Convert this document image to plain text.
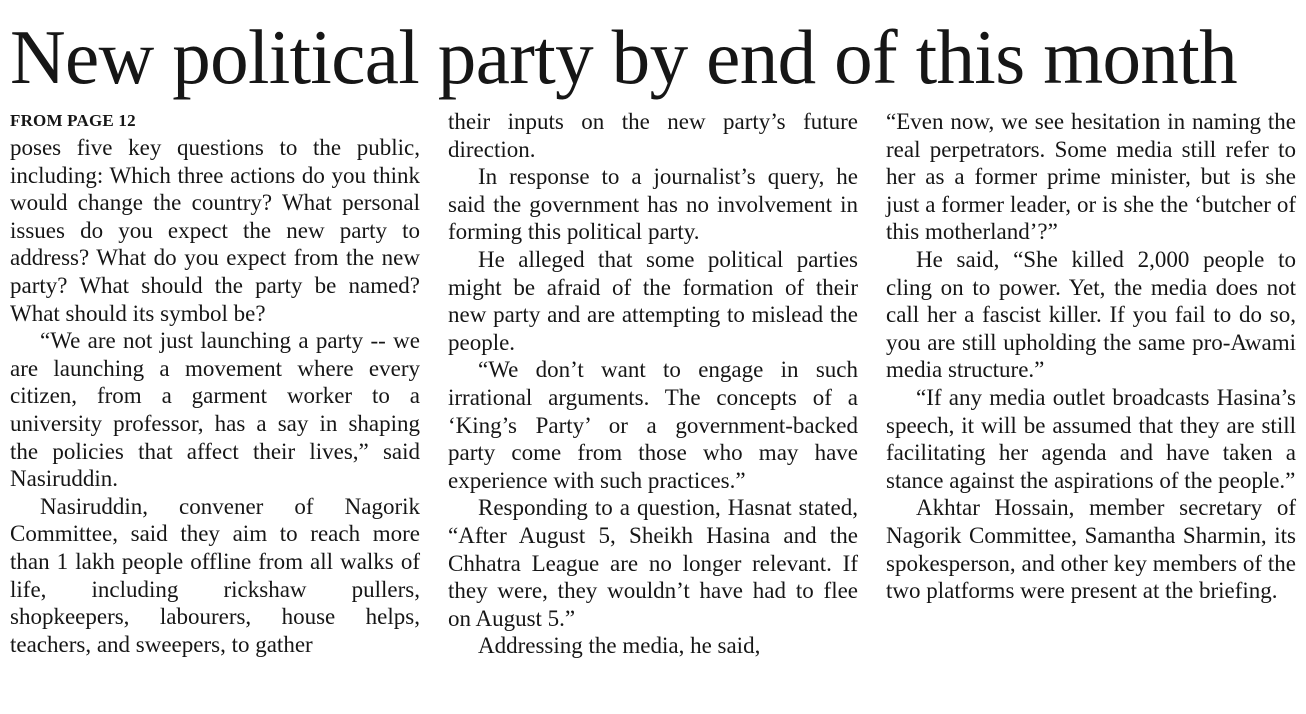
New political party by end of this month
FROM PAGE 12

poses five key questions to the public, including: Which three actions do you think would change the country? What personal issues do you expect the new party to address? What do you expect from the new party? What should the party be named? What should its symbol be?

“We are not just launching a party -- we are launching a movement where every citizen, from a garment worker to a university professor, has a say in shaping the policies that affect their lives,” said Nasiruddin.

Nasiruddin, convener of Nagorik Committee, said they aim to reach more than 1 lakh people offline from all walks of life, including rickshaw pullers, shopkeepers, labourers, house helps, teachers, and sweepers, to gather

their inputs on the new party’s future direction.

In response to a journalist’s query, he said the government has no involvement in forming this political party.

He alleged that some political parties might be afraid of the formation of their new party and are attempting to mislead the people.

“We don’t want to engage in such irrational arguments. The concepts of a ‘King’s Party’ or a government-backed party come from those who may have experience with such practices.”

Responding to a question, Hasnat stated, “After August 5, Sheikh Hasina and the Chhatra League are no longer relevant. If they were, they wouldn’t have had to flee on August 5.”

Addressing the media, he said,

“Even now, we see hesitation in naming the real perpetrators. Some media still refer to her as a former prime minister, but is she just a former leader, or is she the ‘butcher of this motherland’?”

He said, “She killed 2,000 people to cling on to power. Yet, the media does not call her a fascist killer. If you fail to do so, you are still upholding the same pro-Awami media structure.”

“If any media outlet broadcasts Hasina’s speech, it will be assumed that they are still facilitating her agenda and have taken a stance against the aspirations of the people.”

Akhtar Hossain, member secretary of Nagorik Committee, Samantha Sharmin, its spokesperson, and other key members of the two platforms were present at the briefing.
